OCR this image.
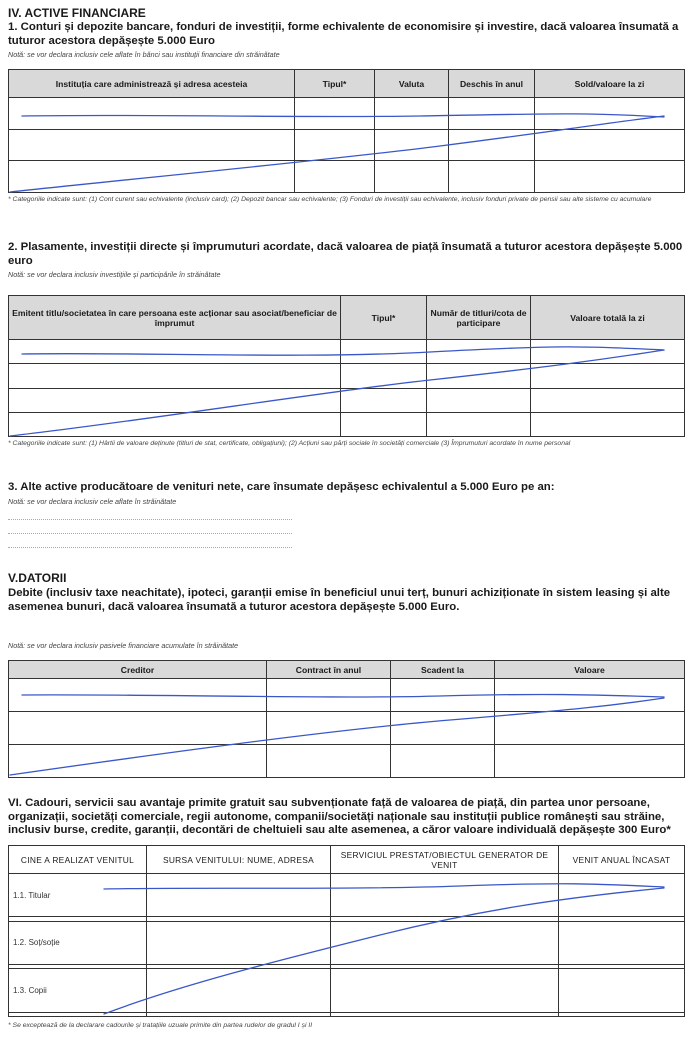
IV. ACTIVE FINANCIARE
1. Conturi și depozite bancare, fonduri de investiții, forme echivalente de economisire și investire, dacă valoarea însumată a tuturor acestora depășește 5.000 Euro
Notă: se vor declara inclusiv cele aflate în bănci sau instituții financiare din străinătate
Instituția care administrează și adresa acesteia	Tipul*	Valuta	Deschis în anul	Sold/valoare la zi

* Categoriile indicate sunt: (1) Cont curent sau echivalente (inclusiv card); (2) Depozit bancar sau echivalente; (3) Fonduri de investiții sau echivalente, inclusiv fonduri private de pensii sau alte sisteme cu acumulare
2. Plasamente, investiții directe și împrumuturi acordate, dacă valoarea de piață însumată a tuturor acestora depășește 5.000 euro
Notă: se vor declara inclusiv investițiile și participările în străinătate
Emitent titlu/societatea în care persoana este acționar sau asociat/beneficiar de împrumut	Tipul*	Număr de titluri/cota de participare	Valoare totală la zi

* Categoriile indicate sunt: (1) Hârtii de valoare deținute (titluri de stat, certificate, obligațiuni); (2) Acțiuni sau părți sociale în societăți comerciale (3) Împrumuturi acordate în nume personal
3. Alte active producătoare de venituri nete, care însumate depășesc echivalentul a 5.000 Euro pe an:
Notă: se vor declara inclusiv cele aflate în străinătate
V.DATORII
Debite (inclusiv taxe neachitate), ipoteci, garanții emise în beneficiul unui terț, bunuri achiziționate în sistem leasing și alte asemenea bunuri, dacă valoarea însumată a tuturor acestora depășește 5.000 Euro.
Notă: se vor declara inclusiv pasivele financiare acumulate în străinătate
Creditor	Contract în anul	Scadent la	Valoare

VI. Cadouri, servicii sau avantaje primite gratuit sau subvenționate față de valoarea de piață, din partea unor persoane, organizații, societăți comerciale, regii autonome, companii/societăți naționale sau instituții publice românești sau străine, inclusiv burse, credite, garanții, decontări de cheltuieli sau alte asemenea, a căror valoare individuală depășește 300 Euro*
CINE A REALIZAT VENITUL	SURSA VENITULUI: NUME, ADRESA	SERVICIUL PRESTAT/OBIECTUL GENERATOR DE VENIT	VENIT ANUAL ÎNCASAT
1.1. Titular			

1.2. Soț/soție			

1.3. Copii			

* Se exceptează de la declarare cadourile și tratațiile uzuale primite din partea rudelor de gradul I și II
